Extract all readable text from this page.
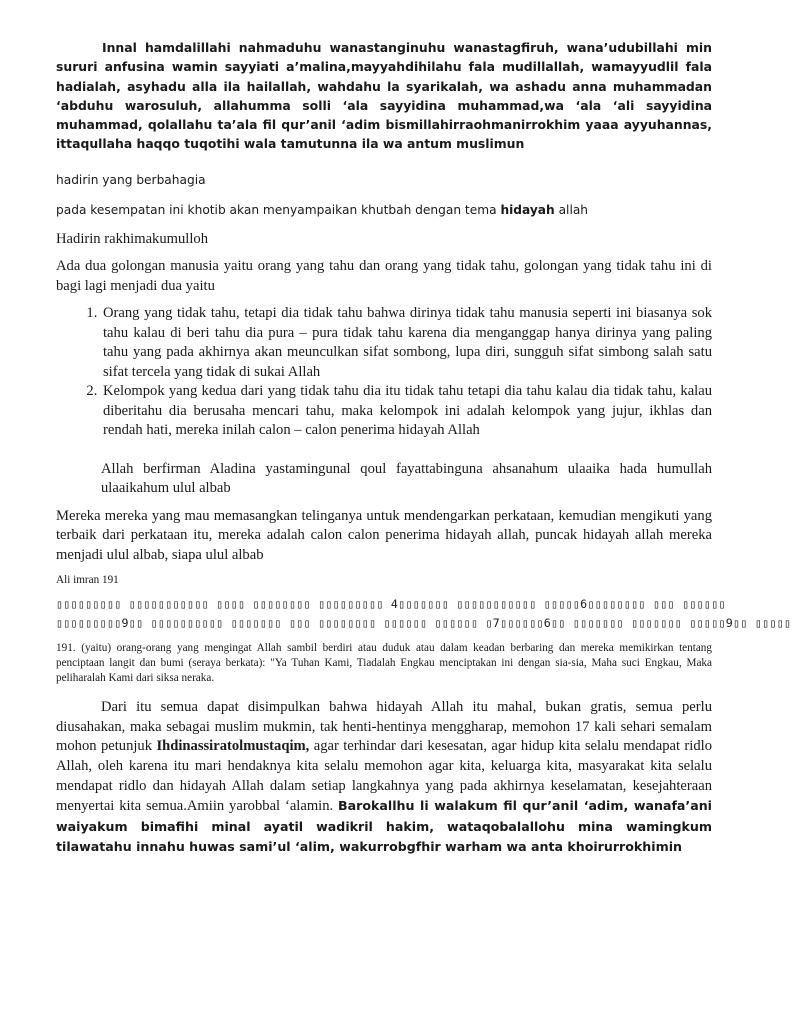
Innal hamdalillahi nahmaduhu wanastanginuhu wanastagfiruh, wana’udubillahi min sururi anfusina wamin sayyiati a’malina,mayyahdihilahu fala mudillallah, wamayyudlil fala hadialah, asyhadu alla ila hailallah, wahdahu la syarikalah, wa ashadu anna muhammadan ‘abduhu warosuluh, allahumma solli ‘ala sayyidina muhammad,wa ‘ala ‘ali sayyidina muhammad, qolallahu ta’ala fil qur’anil ‘adim bismillahirraohmanirrokhim yaaa ayyuhannas, ittaqullaha haqqo tuqotihi wala tamutunna ila wa antum muslimun

hadirin yang berbahagia

pada kesempatan ini khotib akan menyampaikan khutbah dengan tema hidayah allah

Hadirin rakhimakumulloh

Ada dua golongan manusia yaitu orang yang tahu dan orang yang tidak tahu, golongan yang tidak tahu ini di bagi lagi menjadi dua yaitu

1. Orang yang tidak tahu, tetapi dia tidak tahu bahwa dirinya tidak tahu manusia seperti ini biasanya sok tahu kalau di beri tahu dia pura – pura tidak tahu karena dia menganggap hanya dirinya yang paling tahu yang pada akhirnya akan meunculkan sifat sombong, lupa diri, sungguh sifat simbong salah satu sifat tercela yang tidak di sukai Allah
2. Kelompok yang kedua dari yang tidak tahu dia itu tidak tahu tetapi dia tahu kalau dia tidak tahu, kalau diberitahu dia berusaha mencari tahu, maka kelompok ini adalah kelompok yang jujur, ikhlas dan rendah hati, mereka inilah calon – calon penerima hidayah Allah

Allah berfirman Aladina yastamingunal qoul fayattabinguna ahsanahum ulaaika hada humullah ulaaikahum ulul albab

Mereka mereka yang mau memasangkan telinganya untuk mendengarkan perkataan, kemudian mengikuti yang terbaik dari perkataan itu, mereka adalah calon calon penerima hidayah allah, puncak hidayah allah mereka menjadi ulul albab, siapa ulul albab

Ali imran 191

▯▯▯▯▯▯▯▯▯ ▯▯▯▯▯▯▯▯▯▯▯ ▯▯▯▯ ▯▯▯▯▯▯▯▯ ▯▯▯▯▯▯▯▯▯ 4▯▯▯▯▯▯▯ ▯▯▯▯▯▯▯▯▯▯▯ ▯▯▯▯▯6▯▯▯▯▯▯▯▯ ▯▯▯ ▯▯▯▯▯▯
▯▯▯▯▯▯▯▯▯9▯▯ ▯▯▯▯▯▯▯▯▯▯ ▯▯▯▯▯▯▯ ▯▯▯ ▯▯▯▯▯▯▯▯ ▯▯▯▯▯▯ ▯▯▯▯▯▯ ▯7▯▯▯▯▯▯6▯▯ ▯▯▯▯▯▯▯ ▯▯▯▯▯▯▯ ▯▯▯▯▯9▯▯ ▯▯▯▯▯

191. (yaitu) orang-orang yang mengingat Allah sambil berdiri atau duduk atau dalam keadan berbaring dan mereka memikirkan tentang penciptaan langit dan bumi (seraya berkata): "Ya Tuhan Kami, Tiadalah Engkau menciptakan ini dengan sia-sia, Maha suci Engkau, Maka peliharalah Kami dari siksa neraka.

Dari itu semua dapat disimpulkan bahwa hidayah Allah itu mahal, bukan gratis, semua perlu diusahakan, maka sebagai muslim mukmin, tak henti-hentinya menggharap, memohon 17 kali sehari semalam mohon petunjuk Ihdinassiratolmustaqim, agar terhindar dari kesesatan, agar hidup kita selalu mendapat ridlo Allah, oleh karena itu mari hendaknya kita selalu memohon agar kita, keluarga kita, masyarakat kita selalu mendapat ridlo dan hidayah Allah dalam setiap langkahnya yang pada akhirnya keselamatan, kesejahteraan menyertai kita semua.Amiin yarobbal ‘alamin. Barokallhu li walakum fil qur’anil ‘adim, wanafa’ani waiyakum bimafihi minal ayatil wadikril hakim, wataqobalallohu mina wamingkum tilawatahu innahu huwas sami’ul ‘alim, wakurrobgfhir warham wa anta khoirurrokhimin
